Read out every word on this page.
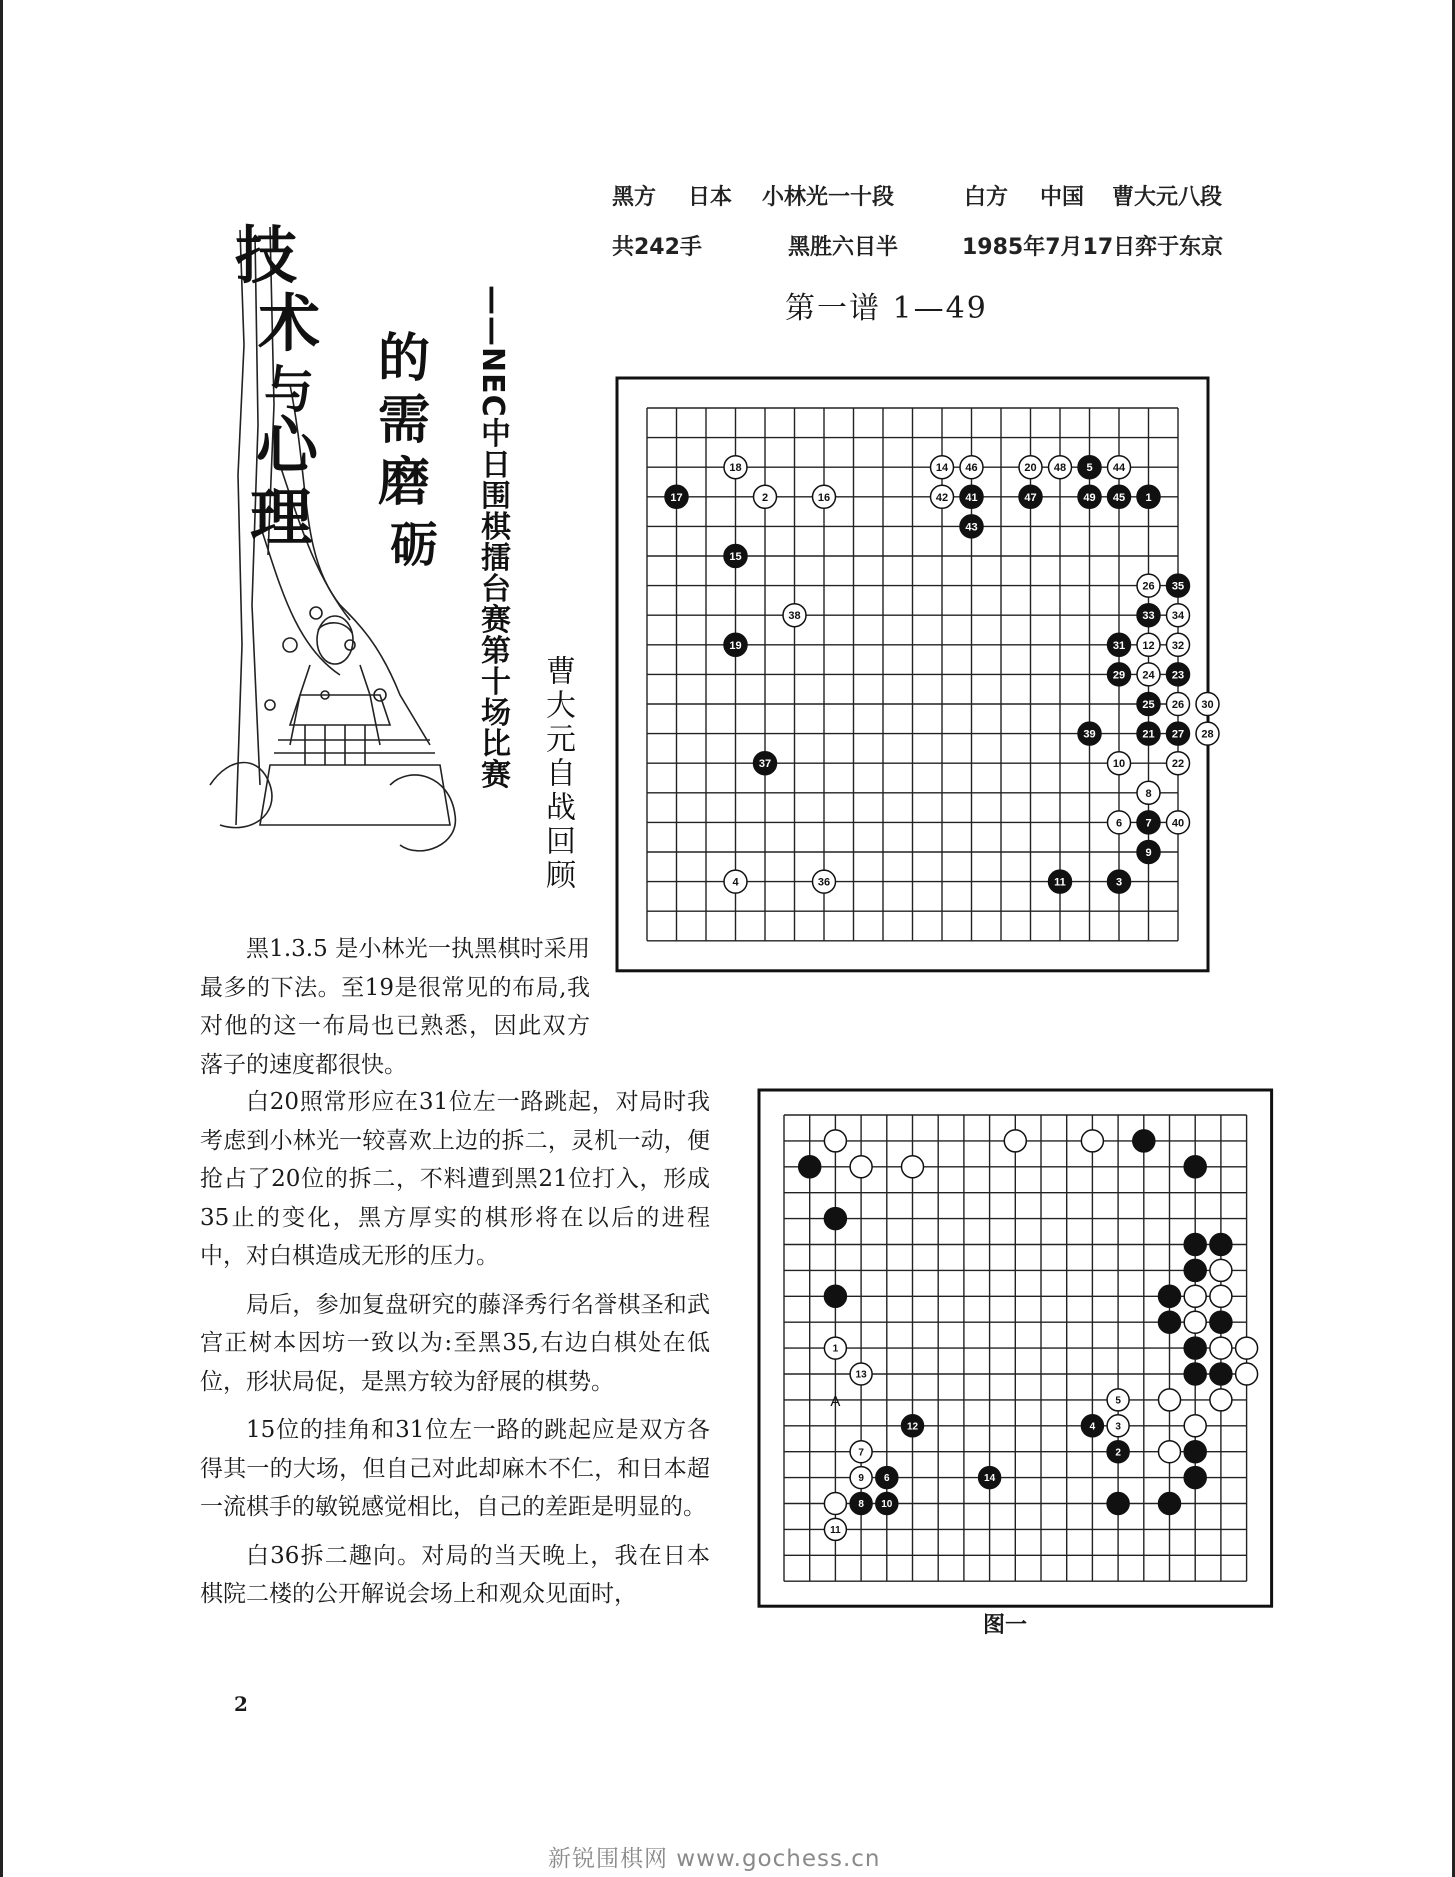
黑方 日本 小林光一十段	白方 中国 曹大元八段
共242手	黑胜六目半	1985年7月17日弈于东京
第一谱 1—49
技
术
与
心
理
的
需
磨
砺 ——NEC中日围棋擂台赛第十场比赛 曹大元自战回顾
17
18
2	16
14 46
42 41
43
20 48 5 44
47	49 45 1
15
26 35
38	33 34
19	31 12 32
29 24 23
25 26 30
39	21 27 28
37	10	22
8
6 7 40
9
4	36	11	3
1
13
5
12	4 3
7	2
9 6	14
8 10
11
A

黑1.3.5 是小林光一执黑棋时采用最多的下法。至19是很常见的布局,我对他的这一布局也已熟悉，因此双方落子的速度都很快。

白20照常形应在31位左一路跳起，对局时我考虑到小林光一较喜欢上边的拆二，灵机一动，便抢占了20位的拆二，不料遭到黑21位打入，形成35止的变化，黑方厚实的棋形将在以后的进程中，对白棋造成无形的压力。

局后，参加复盘研究的藤泽秀行名誉棋圣和武宫正树本因坊一致以为:至黑35,右边白棋处在低位，形状局促，是黑方较为舒展的棋势。

15位的挂角和31位左一路的跳起应是双方各得其一的大场，但自己对此却麻木不仁，和日本超一流棋手的敏锐感觉相比，自己的差距是明显的。

白36拆二趣向。对局的当天晚上，我在日本棋院二楼的公开解说会场上和观众见面时，

图一
2
新锐围棋网 www.gochess.cn
